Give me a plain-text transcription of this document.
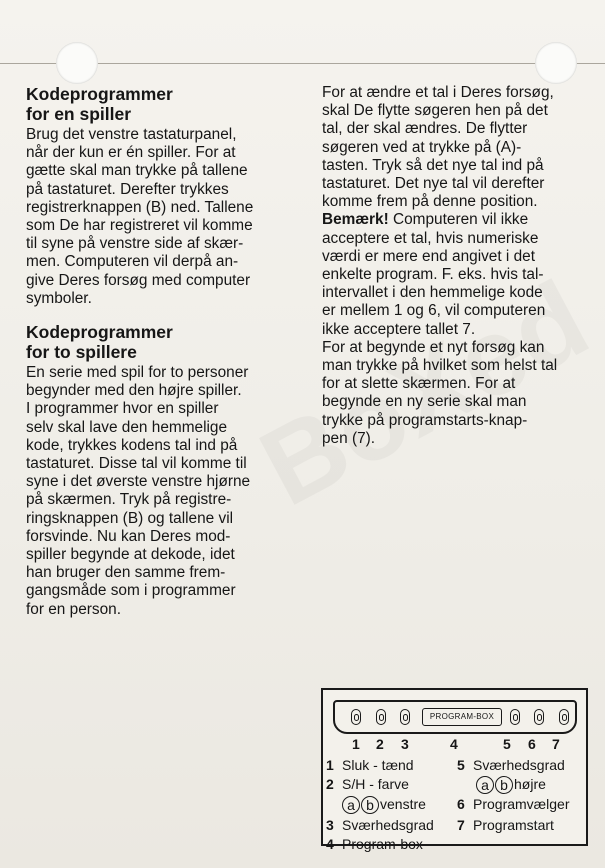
Kodeprogrammer
for en spiller

Brug det venstre tastaturpanel,
når der kun er én spiller. For at
gætte skal man trykke på tallene
på tastaturet. Derefter trykkes
registrerknappen (B) ned. Tallene
som De har registreret vil komme
til syne på venstre side af skær-
men. Computeren vil derpå an-
give Deres forsøg med computer
symboler.

Kodeprogrammer
for to spillere

En serie med spil for to personer
begynder med den højre spiller.
I programmer hvor en spiller
selv skal lave den hemmelige
kode, trykkes kodens tal ind på
tastaturet. Disse tal vil komme til
syne i det øverste venstre hjørne
på skærmen. Tryk på registre-
ringsknappen (B) og tallene vil
forsvinde. Nu kan Deres mod-
spiller begynde at dekode, idet
han bruger den samme frem-
gangsmåde som i programmer
for en person.
For at ændre et tal i Deres forsøg,
skal De flytte søgeren hen på det
tal, der skal ændres. De flytter
søgeren ved at trykke på (A)-
tasten. Tryk så det nye tal ind på
tastaturet. Det nye tal vil derefter
komme frem på denne position.
Bemærk! Computeren vil ikke
acceptere et tal, hvis numeriske
værdi er mere end angivet i det
enkelte program. F. eks. hvis tal-
intervallet i den hemmelige kode
er mellem 1 og 6, vil computeren
ikke acceptere tallet 7.
For at begynde et nyt forsøg kan
man trykke på hvilket som helst tal
for at slette skærmen. For at
begynde en ny serie skal man
trykke på programstarts-knap-
pen (7).
PROGRAM-BOX
1 2 3	4	5 6 7
1 Sluk - tænd
2 S/H - farve
a b venstre
3 Sværhedsgrad
4 Program-box
5 Sværhedsgrad
a b højre
6 Programvælger
7 Programstart
